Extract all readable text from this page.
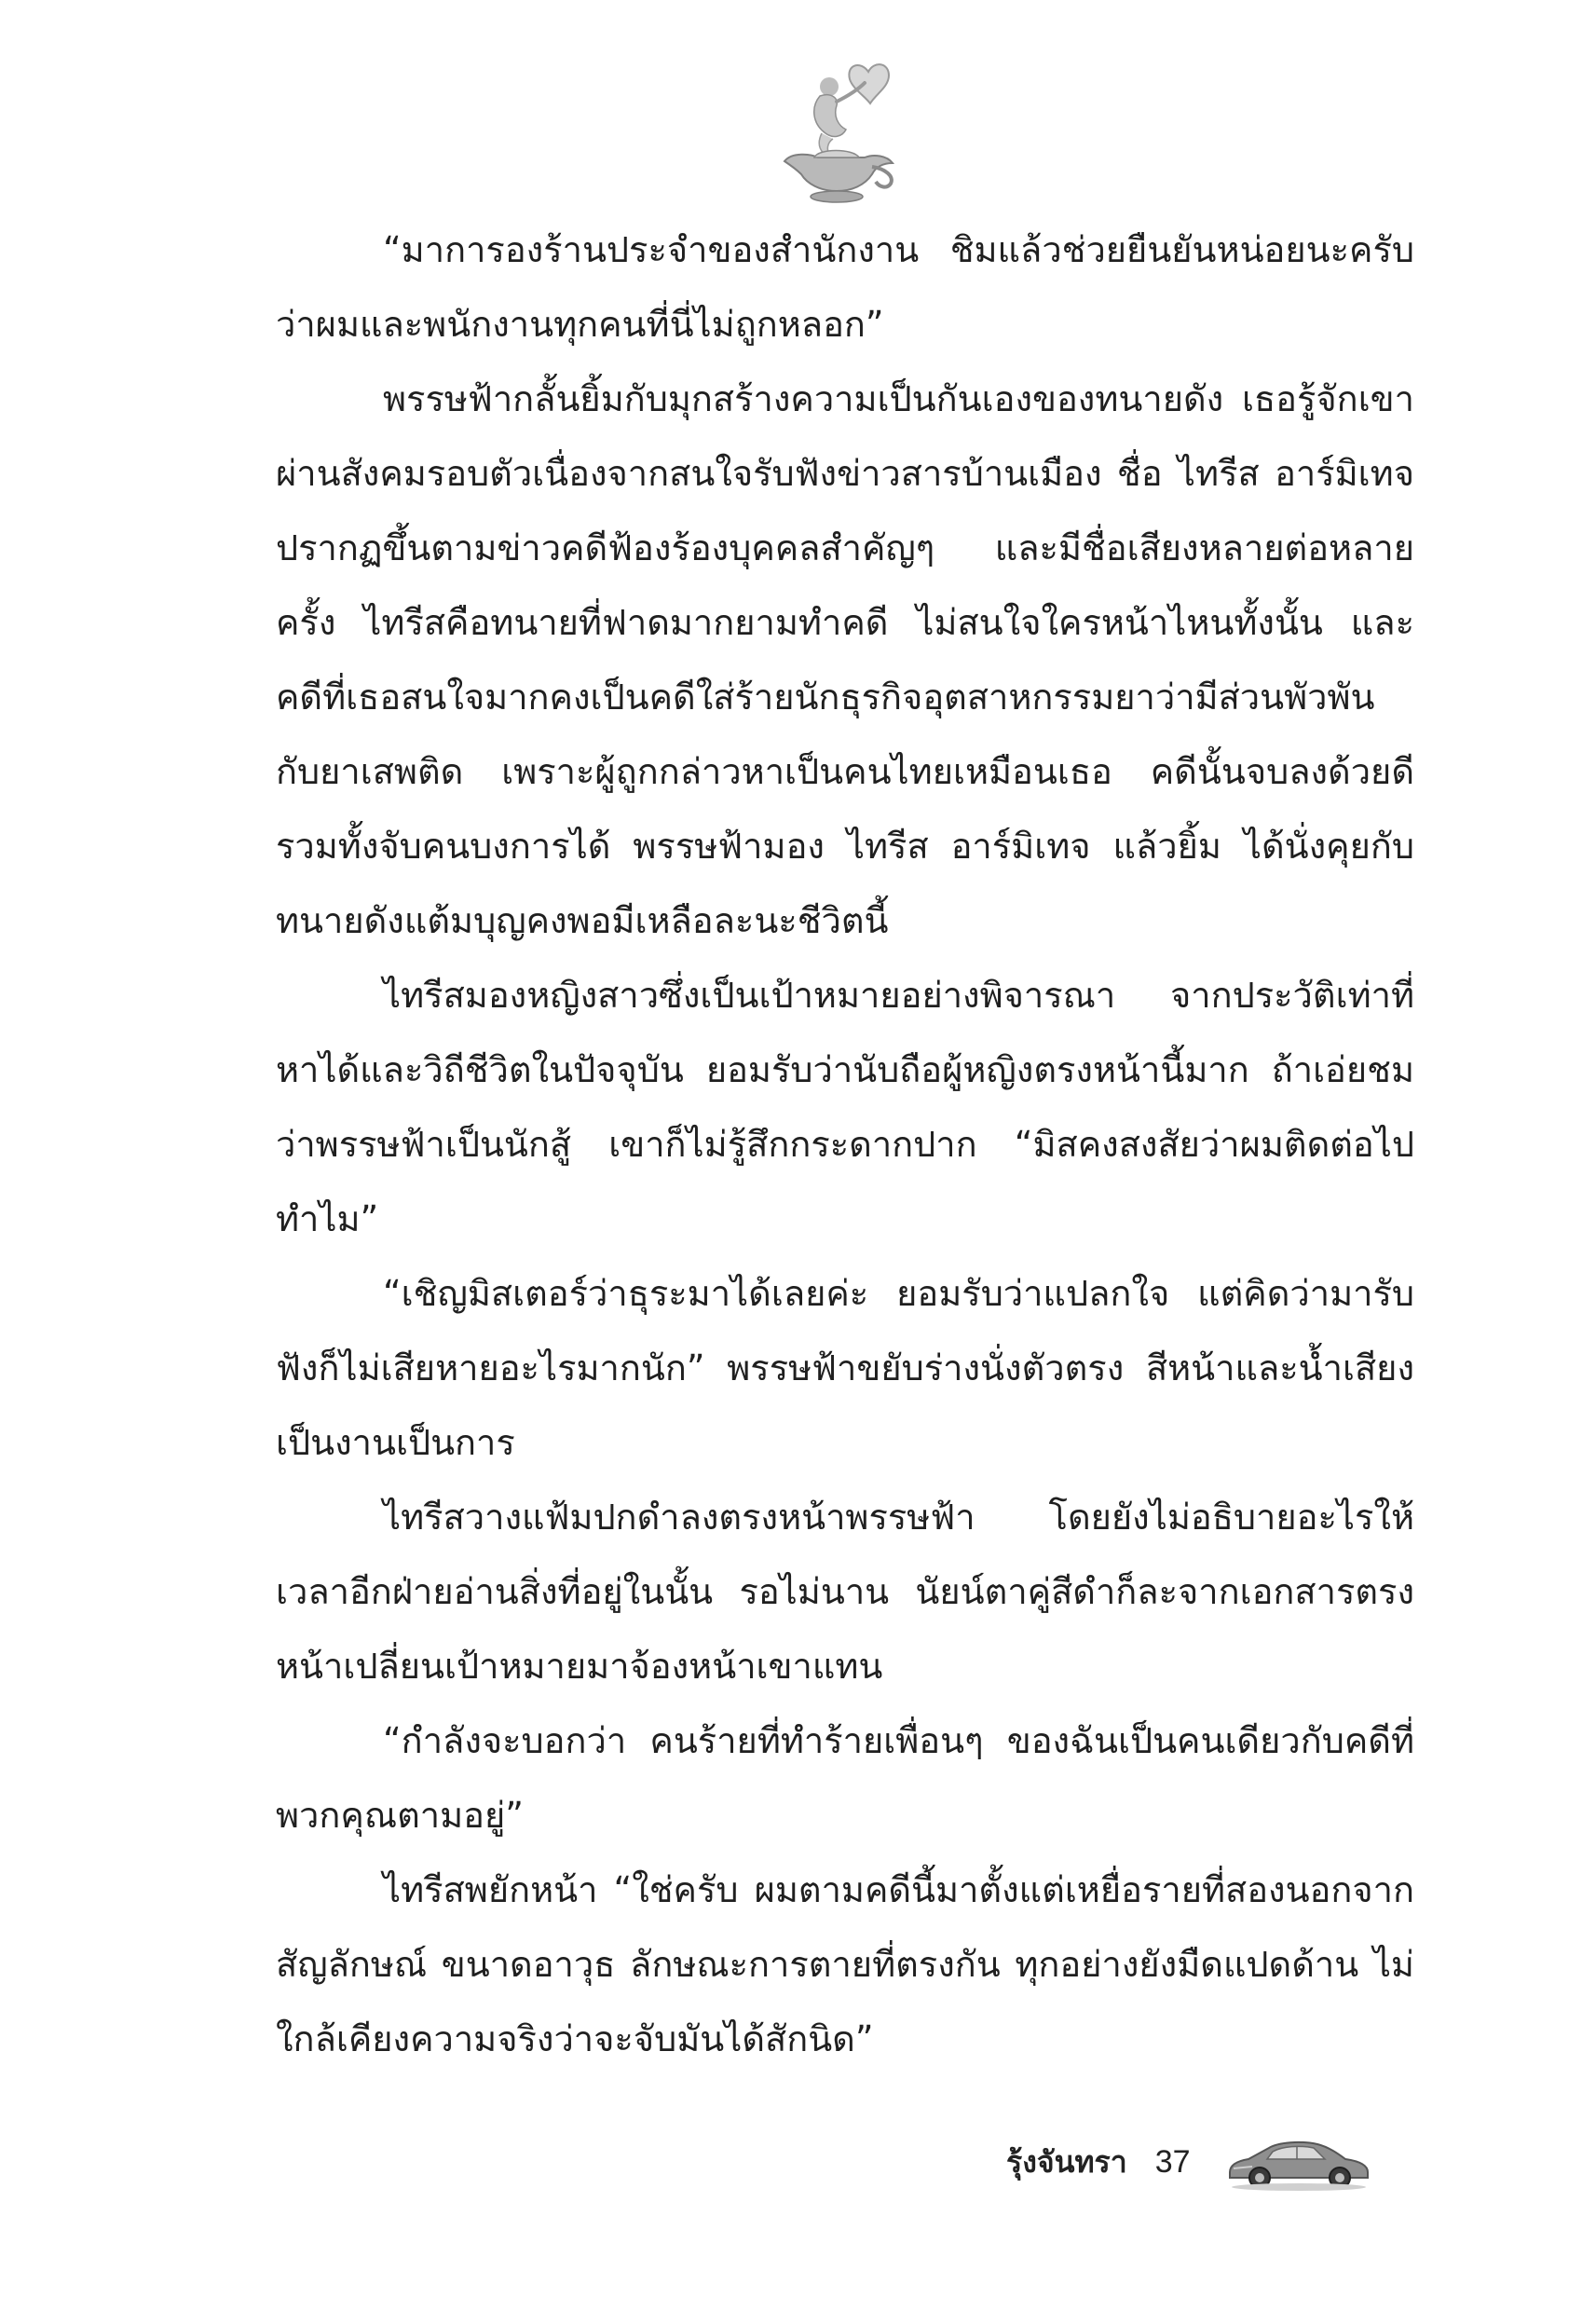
“มาการองร้านประจำของสำนักงาน ชิมแล้วช่วยยืนยันหน่อยนะครับว่าผมและพนักงานทุกคนที่นี่ไม่ถูกหลอก”

พรรษฟ้ากลั้นยิ้มกับมุกสร้างความเป็นกันเองของทนายดัง เธอรู้จักเขาผ่านสังคมรอบตัวเนื่องจากสนใจรับฟังข่าวสารบ้านเมือง ชื่อ ไทรีส อาร์มิเทจ ปรากฏขึ้นตามข่าวคดีฟ้องร้องบุคคลสำคัญๆ และมีชื่อเสียงหลายต่อหลายครั้ง ไทรีสคือทนายที่ฟาดมากยามทำคดี ไม่สนใจใครหน้าไหนทั้งนั้น และคดีที่เธอสนใจมากคงเป็นคดีใส่ร้ายนักธุรกิจอุตสาหกรรมยาว่ามีส่วนพัวพันกับยาเสพติด เพราะผู้ถูกกล่าวหาเป็นคนไทยเหมือนเธอ คดีนั้นจบลงด้วยดี รวมทั้งจับคนบงการได้ พรรษฟ้ามอง ไทรีส อาร์มิเทจ แล้วยิ้ม ได้นั่งคุยกับทนายดังแต้มบุญคงพอมีเหลือละนะชีวิตนี้

ไทรีสมองหญิงสาวซึ่งเป็นเป้าหมายอย่างพิจารณา จากประวัติเท่าที่หาได้และวิถีชีวิตในปัจจุบัน ยอมรับว่านับถือผู้หญิงตรงหน้านี้มาก ถ้าเอ่ยชมว่าพรรษฟ้าเป็นนักสู้ เขาก็ไม่รู้สึกกระดากปาก “มิสคงสงสัยว่าผมติดต่อไปทำไม”

“เชิญมิสเตอร์ว่าธุระมาได้เลยค่ะ ยอมรับว่าแปลกใจ แต่คิดว่ามารับฟังก็ไม่เสียหายอะไรมากนัก” พรรษฟ้าขยับร่างนั่งตัวตรง สีหน้าและน้ำเสียงเป็นงานเป็นการ

ไทรีสวางแฟ้มปกดำลงตรงหน้าพรรษฟ้า โดยยังไม่อธิบายอะไรให้เวลาอีกฝ่ายอ่านสิ่งที่อยู่ในนั้น รอไม่นาน นัยน์ตาคู่สีดำก็ละจากเอกสารตรงหน้าเปลี่ยนเป้าหมายมาจ้องหน้าเขาแทน

“กำลังจะบอกว่า คนร้ายที่ทำร้ายเพื่อนๆ ของฉันเป็นคนเดียวกับคดีที่พวกคุณตามอยู่”

ไทรีสพยักหน้า “ใช่ครับ ผมตามคดีนี้มาตั้งแต่เหยื่อรายที่สองนอกจากสัญลักษณ์ ขนาดอาวุธ ลักษณะการตายที่ตรงกัน ทุกอย่างยังมืดแปดด้าน ไม่ใกล้เคียงความจริงว่าจะจับมันได้สักนิด”

รุ้งจันทรา 37
